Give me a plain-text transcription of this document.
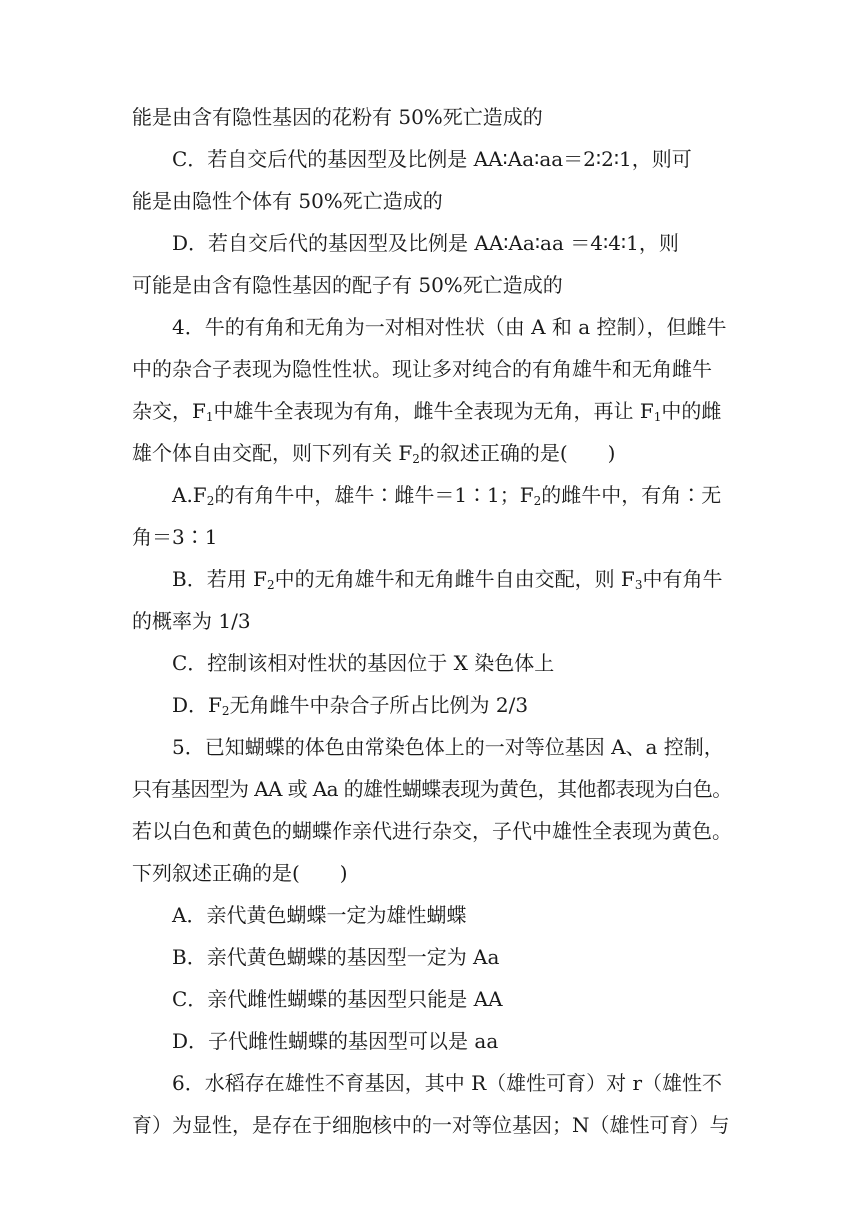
能是由含有隐性基因的花粉有 50%死亡造成的
C．若自交后代的基因型及比例是 AA∶Aa∶aa＝2∶2∶1，则可
能是由隐性个体有 50%死亡造成的
D．若自交后代的基因型及比例是 AA∶Aa∶aa ＝4∶4∶1，则
可能是由含有隐性基因的配子有 50%死亡造成的
4．牛的有角和无角为一对相对性状（由 A 和 a 控制），但雌牛
中的杂合子表现为隐性性状。现让多对纯合的有角雄牛和无角雌牛
杂交，$F_1$中雄牛全表现为有角，雌牛全表现为无角，再让 $F_1$中的雌
雄个体自由交配，则下列有关 $F_2$的叙述正确的是(　　)
$A.F_2$的有角牛中，雄牛∶雌牛＝1∶1；$F_2$的雌牛中，有角∶无
角＝3∶1
B．若用 $F_2$中的无角雄牛和无角雌牛自由交配，则 $F_3$中有角牛
的概率为 1/3
C．控制该相对性状的基因位于 X 染色体上
D．$F_2$无角雌牛中杂合子所占比例为 2/3
5．已知蝴蝶的体色由常染色体上的一对等位基因 A、a 控制，
只有基因型为 AA 或 Aa 的雄性蝴蝶表现为黄色，其他都表现为白色。
若以白色和黄色的蝴蝶作亲代进行杂交，子代中雄性全表现为黄色。
下列叙述正确的是(　　)
A．亲代黄色蝴蝶一定为雄性蝴蝶
B．亲代黄色蝴蝶的基因型一定为 Aa
C．亲代雌性蝴蝶的基因型只能是 AA
D．子代雌性蝴蝶的基因型可以是 aa
6．水稻存在雄性不育基因，其中 R（雄性可育）对 r（雄性不
育）为显性，是存在于细胞核中的一对等位基因；N（雄性可育）与
